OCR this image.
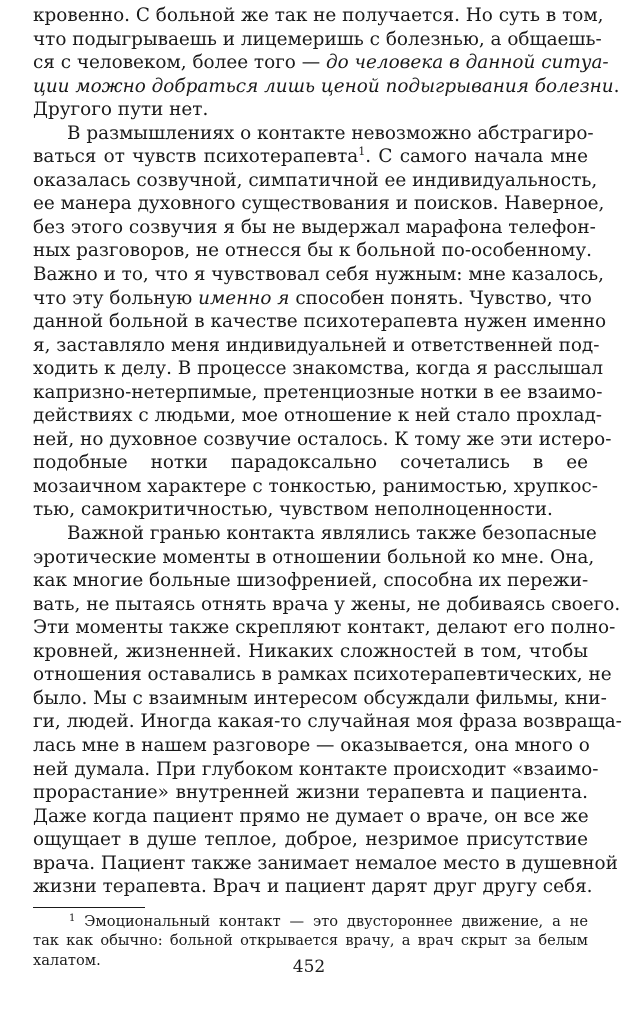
кровенно. С больной же так не получается. Но суть в том,
что подыгрываешь и лицемеришь с болезнью, а общаешь-
ся с человеком, более того — до человека в данной ситуа-
ции можно добраться лишь ценой подыгрывания болезни.
Другого пути нет.
В размышлениях о контакте невозможно абстрагиро-
ваться от чувств психотерапевта$^1$. С самого начала мне
оказалась созвучной, симпатичной ее индивидуальность,
ее манера духовного существования и поисков. Наверное,
без этого созвучия я бы не выдержал марафона телефон-
ных разговоров, не отнесся бы к больной по-особенному.
Важно и то, что я чувствовал себя нужным: мне казалось,
что эту больную именно я способен понять. Чувство, что
данной больной в качестве психотерапевта нужен именно
я, заставляло меня индивидуальней и ответственней под-
ходить к делу. В процессе знакомства, когда я расслышал
капризно-нетерпимые, претенциозные нотки в ее взаимо-
действиях с людьми, мое отношение к ней стало прохлад-
ней, но духовное созвучие осталось. К тому же эти истеро-
подобные нотки парадоксально сочетались в ее
мозаичном характере с тонкостью, ранимостью, хрупкос-
тью, самокритичностью, чувством неполноценности.
Важной гранью контакта являлись также безопасные
эротические моменты в отношении больной ко мне. Она,
как многие больные шизофренией, способна их пережи-
вать, не пытаясь отнять врача у жены, не добиваясь своего.
Эти моменты также скрепляют контакт, делают его полно-
кровней, жизненней. Никаких сложностей в том, чтобы
отношения оставались в рамках психотерапевтических, не
было. Мы с взаимным интересом обсуждали фильмы, кни-
ги, людей. Иногда какая-то случайная моя фраза возвраща-
лась мне в нашем разговоре — оказывается, она много о
ней думала. При глубоком контакте происходит «взаимо-
прорастание» внутренней жизни терапевта и пациента.
Даже когда пациент прямо не думает о враче, он все же
ощущает в душе теплое, доброе, незримое присутствие
врача. Пациент также занимает немалое место в душевной
жизни терапевта. Врач и пациент дарят друг другу себя.
$^1$ Эмоциональный контакт — это двустороннее движение, а не
так как обычно: больной открывается врачу, а врач скрыт за белым
халатом.	452
